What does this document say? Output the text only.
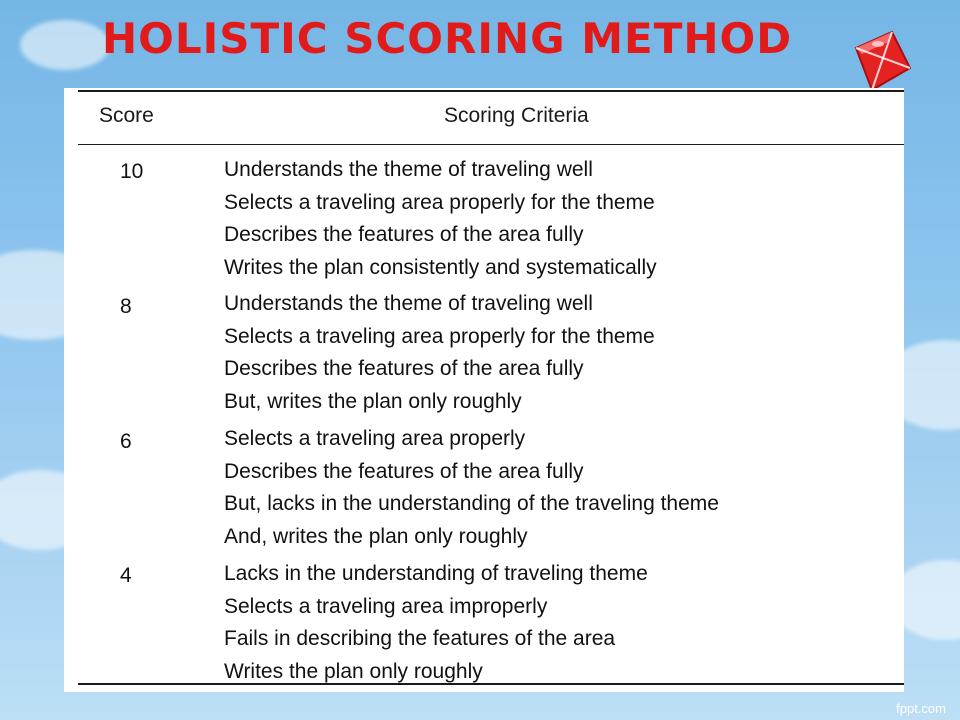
HOLISTIC SCORING METHOD
Score	Scoring Criteria
10	Understands the theme of traveling well
Selects a traveling area properly for the theme
Describes the features of the area fully
Writes the plan consistently and systematically
8	Understands the theme of traveling well
Selects a traveling area properly for the theme
Describes the features of the area fully
But, writes the plan only roughly
6	Selects a traveling area properly
Describes the features of the area fully
But, lacks in the understanding of the traveling theme
And, writes the plan only roughly
4	Lacks in the understanding of traveling theme
Selects a traveling area improperly
Fails in describing the features of the area
Writes the plan only roughly
fppt.com
